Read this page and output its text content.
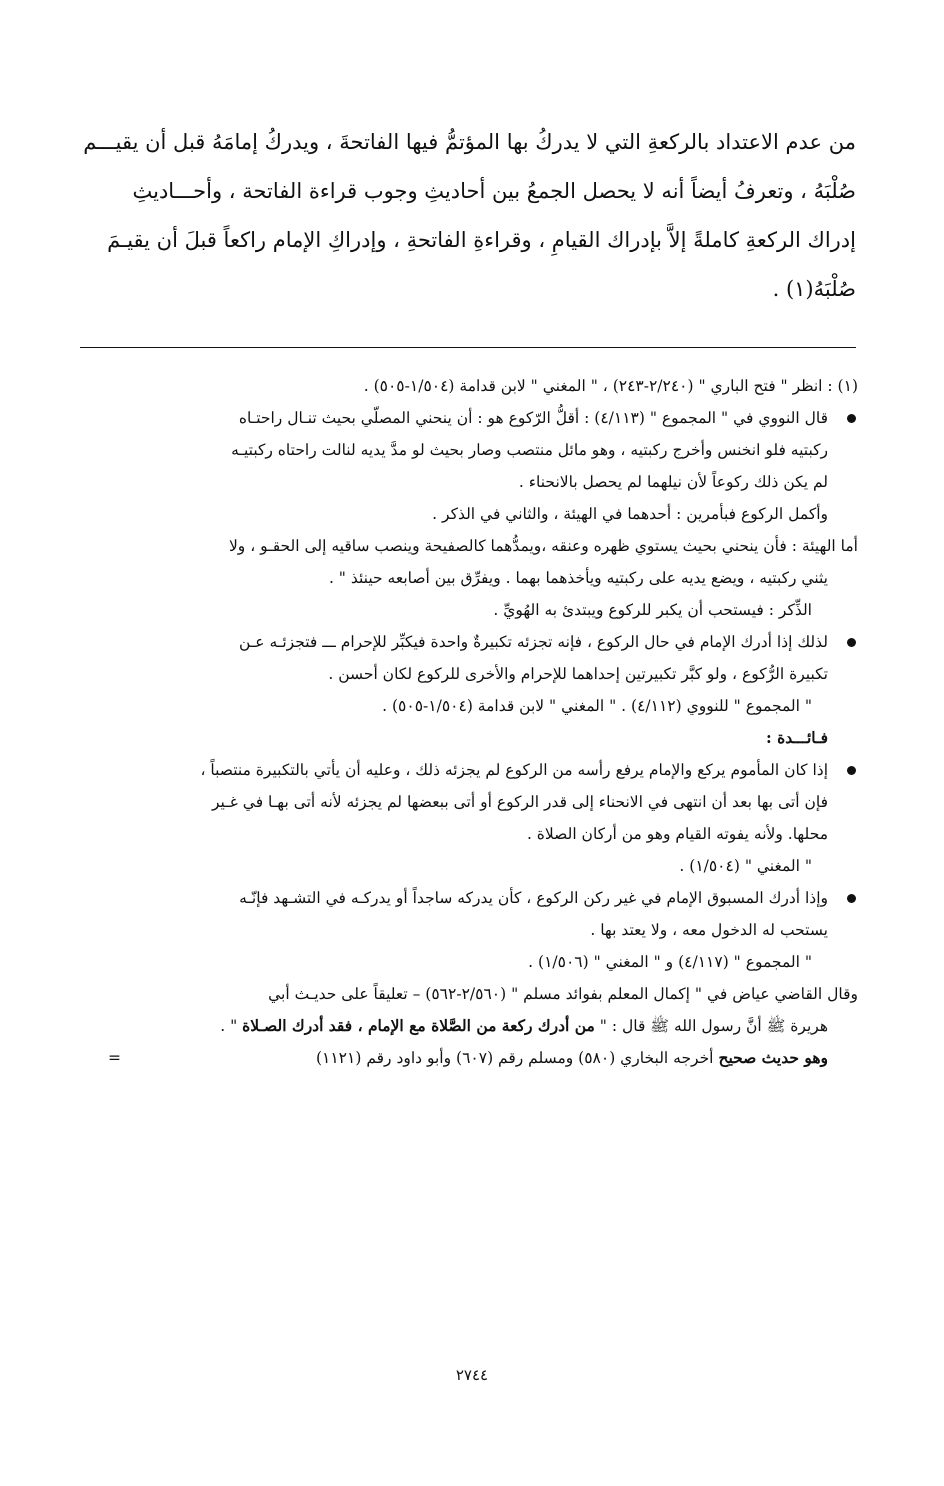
من عدم الاعتداد بالركعةِ التي لا يدركُ بها المؤتمُّ فيها الفاتحةَ ، ويدركُ إمامَهُ قبل أن يقيـــم
صُلْبَهُ ، وتعرفُ أيضاً أنه لا يحصل الجمعُ بين أحاديثِ وجوب قراءة الفاتحة ، وأحـــاديثِ
إدراك الركعةِ كاملةً إلاَّ بإدراك القيامِ ، وقراءةِ الفاتحةِ ، وإدراكِ الإمام راكعاً قبلَ أن يقيـمَ
صُلْبَهُ(١) .
(١) : انظر " فتح الباري " (٢/٢٤٠-٢٤٣) ، " المغني " لابن قدامة (١/٥٠٤-٥٠٥) .
قال النووي في " المجموع " (٤/١١٣) : أقلُّ الرّكوع هو : أن ينحني المصلّي بحيث تنـال راحتـاه
ركبتيه فلو انخنس وأخرج ركبتيه ، وهو مائل منتصب وصار بحيث لو مدَّ يديه لنالت راحتاه ركبتيـه
لم يكن ذلك ركوعاً لأن نيلهما لم يحصل بالانحناء .
وأكمل الركوع فبأمرين : أحدهما في الهيئة ، والثاني في الذكر .
أما الهيئة : فأن ينحني بحيث يستوي ظهره وعنقه ،ويمدُّهما كالصفيحة وينصب ساقيه إلى الحقـو ، ولا
يثني ركبتيه ، ويضع يديه على ركبتيه ويأخذهما بهما . ويفرِّق بين أصابعه حينئذ " .
الذِّكر : فيستحب أن يكبر للركوع ويبتدئ به الهُويِّ .
لذلك إذا أدرك الإمام في حال الركوع ، فإنه تجزئه تكبيرةٌ واحدة فيكبِّر للإحرام ـــ فتجزئـه عـن
تكبيرة الرُّكوع ، ولو كبَّر تكبيرتين إحداهما للإحرام والأخرى للركوع لكان أحسن .
" المجموع " للنووي (٤/١١٢) . " المغني " لابن قدامة (١/٥٠٤-٥٠٥) .
فـائـــدة :
إذا كان المأموم يركع والإمام يرفع رأسه من الركوع لم يجزئه ذلك ، وعليه أن يأتي بالتكبيرة منتصباً ،
فإن أتى بها بعد أن انتهى في الانحناء إلى قدر الركوع أو أتى ببعضها لم يجزئه لأنه أتى بهـا في غـير
محلها. ولأنه يفوته القيام وهو من أركان الصلاة .
" المغني " (١/٥٠٤) .
وإذا أدرك المسبوق الإمام في غير ركن الركوع ، كأن يدركه ساجداً أو يدركـه في التشـهد فإنّـه
يستحب له الدخول معه ، ولا يعتد بها .
" المجموع " (٤/١١٧) و " المغني " (١/٥٠٦) .
وقال القاضي عياض في " إكمال المعلم بفوائد مسلم " (٢/٥٦٠-٥٦٢) – تعليقاً على حديـث أبي
هريرة ﷺ أنَّ رسول الله ﷺ قال : " من أدرك ركعة من الصَّلاة مع الإمام ، فقد أدرك الصـلاة " .
وهو حديث صحيح أخرجه البخاري (٥٨٠) ومسلم رقم (٦٠٧) وأبو داود رقم (١١٢١)
=
٢٧٤٤
